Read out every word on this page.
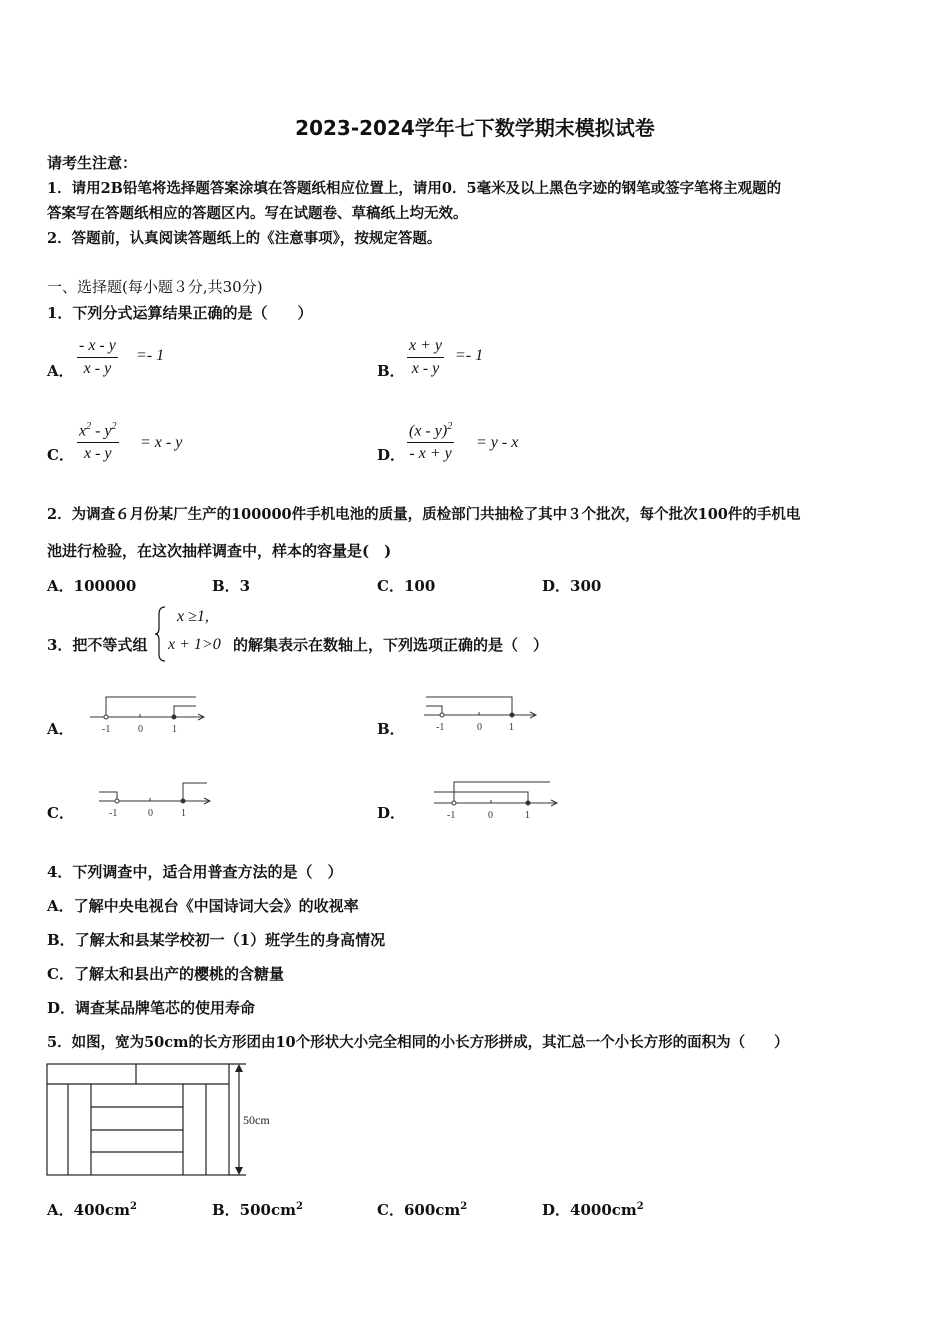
2023-2024学年七下数学期末模拟试卷
请考生注意：
1．请用2B铅笔将选择题答案涂填在答题纸相应位置上，请用0．5毫米及以上黑色字迹的钢笔或签字笔将主观题的
答案写在答题纸相应的答题区内。写在试题卷、草稿纸上均无效。
2．答题前，认真阅读答题纸上的《注意事项》，按规定答题。
一、选择题(每小题３分,共30分)
1．下列分式运算结果正确的是（　　）
A．
- x - y
x - y
=- 1
B．
x + y
x - y
=- 1
C．
$x^2 - y^2$
x - y
= x - y
D．
(x - y)$^2$
- x + y
= y - x
2．为调查６月份某厂生产的100000件手机电池的质量，质检部门共抽检了其中３个批次，每个批次100件的手机电
池进行检验，在这次抽样调查中，样本的容量是(　)
A．100000	B．3	C．100	D．300
3．把不等式组
x ≥1,
x + 1>0 的解集表示在数轴上，下列选项正确的是（　）
A．	-1	0	1	B．	-1	0	1
C．	-1	0	1	D．	-1	0	1
4．下列调查中，适合用普查方法的是（　）
A．了解中央电视台《中国诗词大会》的收视率
B．了解太和县某学校初一（1）班学生的身高情况
C．了解太和县出产的樱桃的含糖量
D．调查某品牌笔芯的使用寿命
5．如图，宽为50cm的长方形团由10个形状大小完全相同的小长方形拼成，其汇总一个小长方形的面积为（　　）
50cm
A．$400cm^2$	B．$500cm^2$	C．$600cm^2$	D．$4000cm^2$
